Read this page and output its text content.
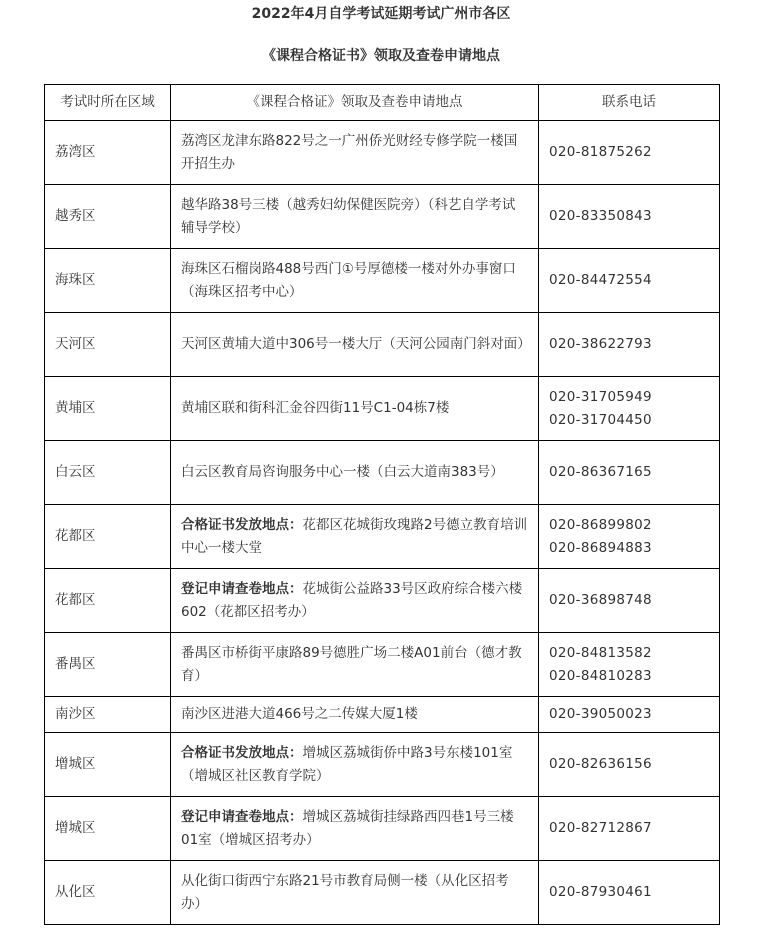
2022年4月自学考试延期考试广州市各区
《课程合格证书》领取及查卷申请地点
考试时所在区域	《课程合格证》领取及查卷申请地点	联系电话
荔湾区	荔湾区龙津东路822号之一广州侨光财经专修学院一楼国开招生办	020-81875262

越秀区	越华路38号三楼（越秀妇幼保健医院旁）（科艺自学考试辅导学校）	020-83350843

海珠区	海珠区石榴岗路488号西门①号厚德楼一楼对外办事窗口（海珠区招考中心）	020-84472554

天河区	天河区黄埔大道中306号一楼大厅（天河公园南门斜对面）	020-38622793

黄埔区	黄埔区联和街科汇金谷四街11号C1-04栋7楼	020-31705949
020-31704450

白云区	白云区教育局咨询服务中心一楼（白云大道南383号）	020-86367165

花都区	合格证书发放地点：花都区花城街玫瑰路2号德立教育培训中心一楼大堂	020-86899802
020-86894883

花都区	登记申请查卷地点：花城街公益路33号区政府综合楼六楼602（花都区招考办）	020-36898748

番禺区	番禺区市桥街平康路89号德胜广场二楼A01前台（德才教育）	020-84813582
020-84810283

南沙区	南沙区进港大道466号之二传媒大厦1楼	020-39050023

增城区	合格证书发放地点：增城区荔城街侨中路3号东楼101室（增城区社区教育学院）	020-82636156

增城区	登记申请查卷地点：增城区荔城街挂绿路西四巷1号三楼01室（增城区招考办）	020-82712867

从化区	从化街口街西宁东路21号市教育局侧一楼（从化区招考办）	020-87930461
